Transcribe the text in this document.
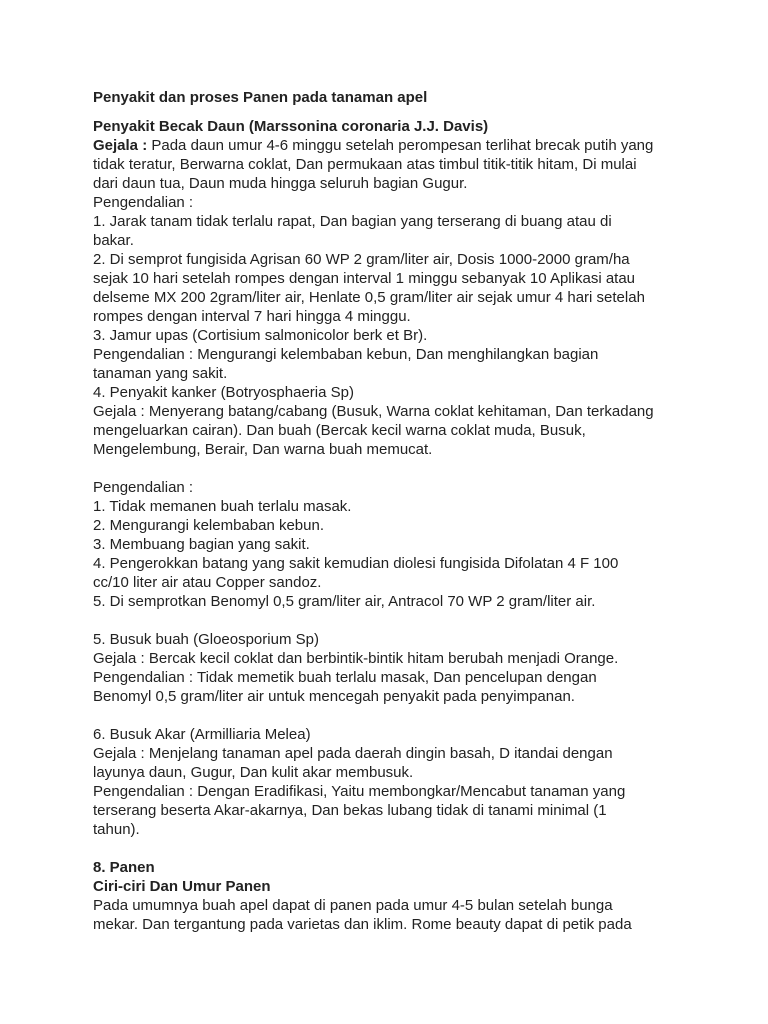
Penyakit dan proses Panen pada tanaman apel

Penyakit Becak Daun (Marssonina coronaria J.J. Davis)

Gejala : Pada daun umur 4-6 minggu setelah perompesan terlihat brecak putih yang

tidak teratur, Berwarna coklat, Dan permukaan atas timbul titik-titik hitam, Di mulai

dari daun tua, Daun muda hingga seluruh bagian Gugur.

Pengendalian :

1. Jarak tanam tidak terlalu rapat, Dan bagian yang terserang di buang atau di

bakar.

2. Di semprot fungisida Agrisan 60 WP 2 gram/liter air, Dosis 1000-2000 gram/ha

sejak 10 hari setelah rompes dengan interval 1 minggu sebanyak 10 Aplikasi atau

delseme MX 200 2gram/liter air, Henlate 0,5 gram/liter air sejak umur 4 hari setelah

rompes dengan interval 7 hari hingga 4 minggu.

3. Jamur upas (Cortisium salmonicolor berk et Br).

Pengendalian : Mengurangi kelembaban kebun, Dan menghilangkan bagian

tanaman yang sakit.

4. Penyakit kanker (Botryosphaeria Sp)

Gejala : Menyerang batang/cabang (Busuk, Warna coklat kehitaman, Dan terkadang

mengeluarkan cairan). Dan buah (Bercak kecil warna coklat muda, Busuk,

Mengelembung, Berair, Dan warna buah memucat.

Pengendalian :

1. Tidak memanen buah terlalu masak.

2. Mengurangi kelembaban kebun.

3. Membuang bagian yang sakit.

4. Pengerokkan batang yang sakit kemudian diolesi fungisida Difolatan 4 F 100

cc/10 liter air atau Copper sandoz.

5. Di semprotkan Benomyl 0,5 gram/liter air, Antracol 70 WP 2 gram/liter air.

5. Busuk buah (Gloeosporium Sp)

Gejala : Bercak kecil coklat dan berbintik-bintik hitam berubah menjadi Orange.

Pengendalian : Tidak memetik buah terlalu masak, Dan pencelupan dengan

Benomyl 0,5 gram/liter air untuk mencegah penyakit pada penyimpanan.

6. Busuk Akar (Armilliaria Melea)

Gejala : Menjelang tanaman apel pada daerah dingin basah, D itandai dengan

layunya daun, Gugur, Dan kulit akar membusuk.

Pengendalian : Dengan Eradifikasi, Yaitu membongkar/Mencabut tanaman yang

terserang beserta Akar-akarnya, Dan bekas lubang tidak di tanami minimal (1

tahun).

8. Panen

Ciri-ciri Dan Umur Panen

Pada umumnya buah apel dapat di panen pada umur 4-5 bulan setelah bunga

mekar. Dan tergantung pada varietas dan iklim. Rome beauty dapat di petik pada
